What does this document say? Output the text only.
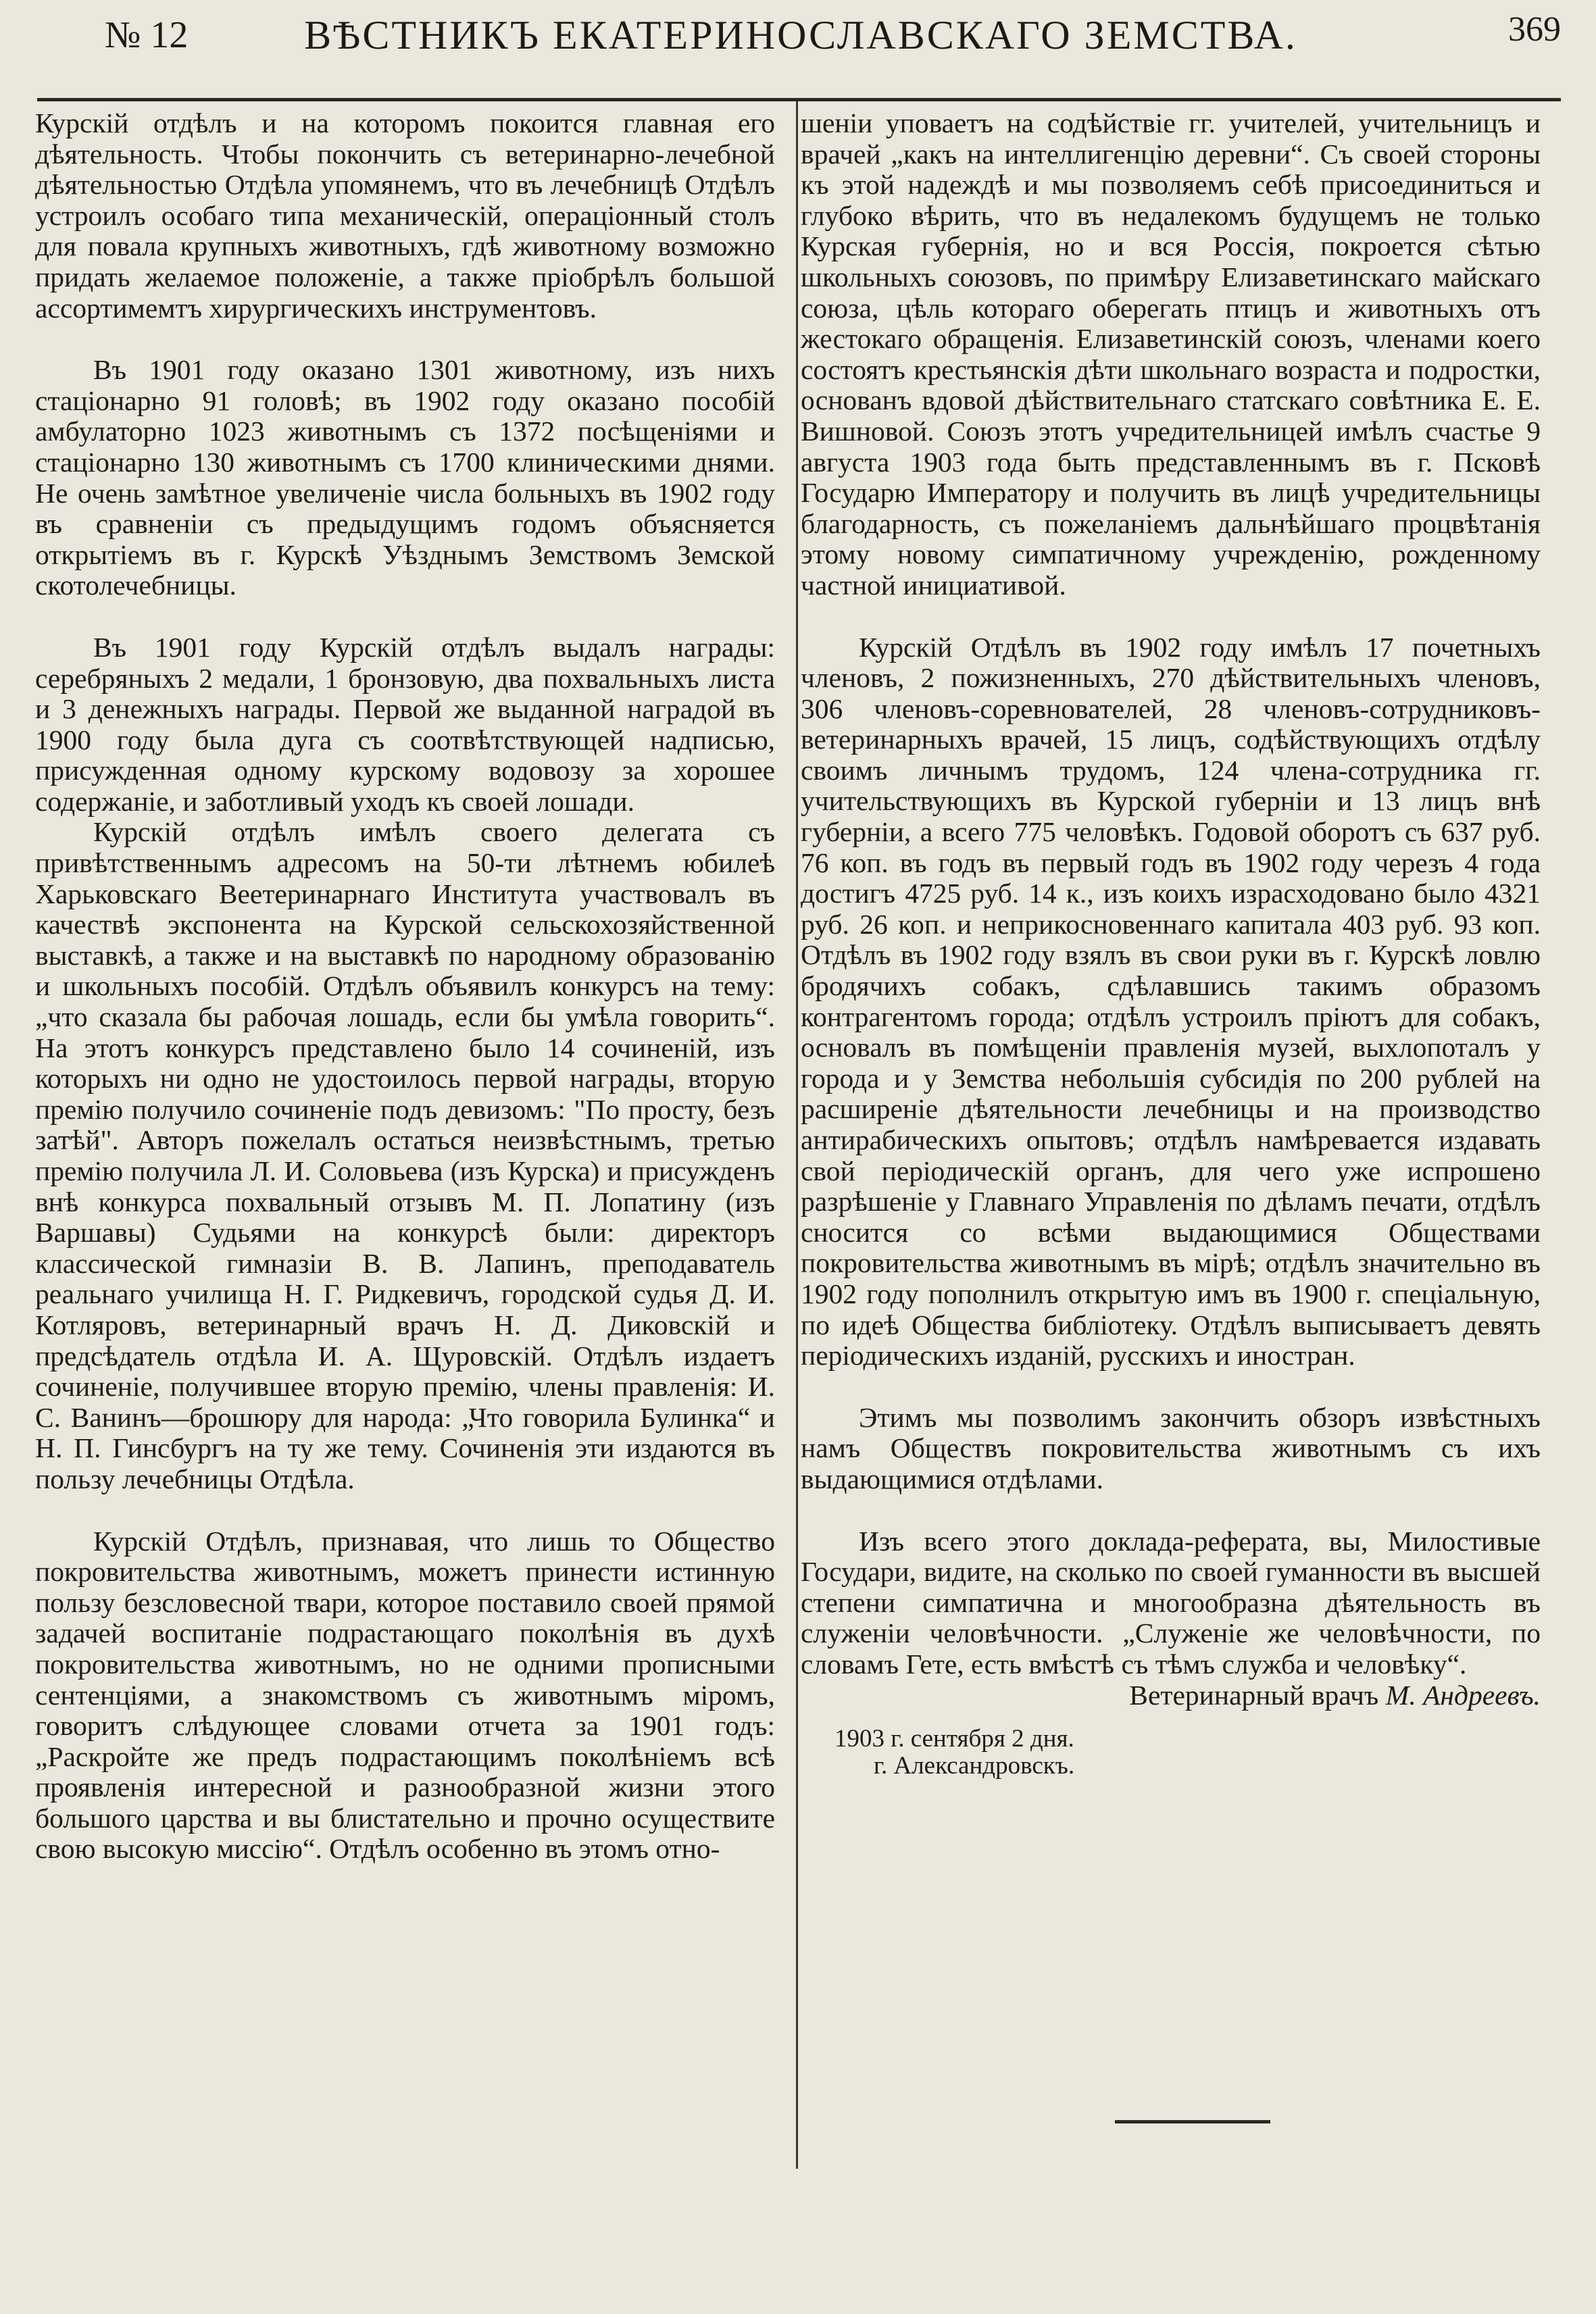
№ 12	ВѢСТНИКЪ ЕКАТЕРИНОСЛАВСКАГО ЗЕМСТВА.	369

Курскій отдѣлъ и на которомъ покоится главная его дѣятельность. Чтобы покончить съ ветеринарно-лечебной дѣятельностью Отдѣла упомянемъ, что въ лечебницѣ Отдѣлъ устроилъ особаго типа механическій, операціонный столъ для повала крупныхъ животныхъ, гдѣ животному возможно придать желаемое положеніе, а также пріобрѣлъ большой ассортимемтъ хирургическихъ инструментовъ.

Въ 1901 году оказано 1301 животному, изъ нихъ стаціонарно 91 головѣ; въ 1902 году оказано пособій амбулаторно 1023 животнымъ съ 1372 посѣщеніями и стаціонарно 130 животнымъ съ 1700 клиническими днями. Не очень замѣтное увеличеніе числа больныхъ въ 1902 году въ сравненіи съ предыдущимъ годомъ объясняется открытіемъ въ г. Курскѣ Уѣзднымъ Земствомъ Земской скотолечебницы.

Въ 1901 году Курскій отдѣлъ выдалъ награды: серебряныхъ 2 медали, 1 бронзовую, два похвальныхъ листа и 3 денежныхъ награды. Первой же выданной наградой въ 1900 году была дуга съ соотвѣтствующей надписью, присужденная одному курскому водовозу за хорошее содержаніе, и заботливый уходъ къ своей лошади.

Курскій отдѣлъ имѣлъ своего делегата съ привѣтственнымъ адресомъ на 50-ти лѣтнемъ юбилеѣ Харьковскаго Веетеринарнаго Института участвовалъ въ качествѣ экспонента на Курской сельскохозяйственной выставкѣ, а также и на выставкѣ по народному образованію и школьныхъ пособій. Отдѣлъ объявилъ конкурсъ на тему: „что сказала бы рабочая лошадь, если бы умѣла говорить“. На этотъ конкурсъ представлено было 14 сочиненій, изъ которыхъ ни одно не удостоилось первой награды, вторую премію получило сочиненіе подъ девизомъ: "По просту, безъ затѣй". Авторъ пожелалъ остаться неизвѣстнымъ, третью премію получила Л. И. Соловьева (изъ Курска) и присужденъ внѣ конкурса похвальный отзывъ М. П. Лопатину (изъ Варшавы) Судьями на конкурсѣ были: директоръ классической гимназіи В. В. Лапинъ, преподаватель реальнаго училища Н. Г. Ридкевичъ, городской судья Д. И. Котляровъ, ветеринарный врачъ Н. Д. Диковскій и предсѣдатель отдѣла И. А. Щуровскій. Отдѣлъ издаетъ сочиненіе, получившее вторую премію, члены правленія: И. С. Ванинъ—брошюру для народа: „Что говорила Булинка“ и Н. П. Гинсбургъ на ту же тему. Сочиненія эти издаются въ пользу лечебницы Отдѣла.

Курскій Отдѣлъ, признавая, что лишь то Общество покровительства животнымъ, можетъ принести истинную пользу безсловесной твари, которое поставило своей прямой задачей воспитаніе подрастающаго поколѣнія въ духѣ покровительства животнымъ, но не одними прописными сентенціями, а знакомствомъ съ животнымъ міромъ, говоритъ слѣдующее словами отчета за 1901 годъ: „Раскройте же предъ подрастающимъ поколѣніемъ всѣ проявленія интересной и разнообразной жизни этого большого царства и вы блистательно и прочно осуществите свою высокую миссію“. Отдѣлъ особенно въ этомъ отно-

шеніи уповаетъ на содѣйствіе гг. учителей, учительницъ и врачей „какъ на интеллигенцію деревни“. Съ своей стороны къ этой надеждѣ и мы позволяемъ себѣ присоединиться и глубоко вѣрить, что въ недалекомъ будущемъ не только Курская губернія, но и вся Россія, покроется сѣтью школьныхъ союзовъ, по примѣру Елизаветинскаго майскаго союза, цѣль котораго оберегать птицъ и животныхъ отъ жестокаго обращенія. Елизаветинскій союзъ, членами коего состоятъ крестьянскія дѣти школьнаго возраста и подростки, основанъ вдовой дѣйствительнаго статскаго совѣтника Е. Е. Вишновой. Союзъ этотъ учредительницей имѣлъ счастье 9 августа 1903 года быть представленнымъ въ г. Псковѣ Государю Императору и получить въ лицѣ учредительницы благодарность, съ пожеланіемъ дальнѣйшаго процвѣтанія этому новому симпатичному учрежденію, рожденному частной инициативой.

Курскій Отдѣлъ въ 1902 году имѣлъ 17 почетныхъ членовъ, 2 пожизненныхъ, 270 дѣйствительныхъ членовъ, 306 членовъ-соревнователей, 28 членовъ-сотрудниковъ-ветеринарныхъ врачей, 15 лицъ, содѣйствующихъ отдѣлу своимъ личнымъ трудомъ, 124 члена-сотрудника гг. учительствующихъ въ Курской губерніи и 13 лицъ внѣ губерніи, а всего 775 человѣкъ. Годовой оборотъ съ 637 руб. 76 коп. въ годъ въ первый годъ въ 1902 году черезъ 4 года достигъ 4725 руб. 14 к., изъ коихъ израсходовано было 4321 руб. 26 коп. и неприкосновеннаго капитала 403 руб. 93 коп. Отдѣлъ въ 1902 году взялъ въ свои руки въ г. Курскѣ ловлю бродячихъ собакъ, сдѣлавшись такимъ образомъ контрагентомъ города; отдѣлъ устроилъ пріютъ для собакъ, основалъ въ помѣщеніи правленія музей, выхлопоталъ у города и у Земства небольшія субсидія по 200 рублей на расширеніе дѣятельности лечебницы и на производство антирабическихъ опытовъ; отдѣлъ намѣревается издавать свой періодическій органъ, для чего уже испрошено разрѣшеніе у Главнаго Управленія по дѣламъ печати, отдѣлъ сносится со всѣми выдающимися Обществами покровительства животнымъ въ мірѣ; отдѣлъ значительно въ 1902 году пополнилъ открытую имъ въ 1900 г. спеціальную, по идеѣ Общества библіотеку. Отдѣлъ выписываетъ девять періодическихъ изданій, русскихъ и иностран.

Этимъ мы позволимъ закончить обзоръ извѣстныхъ намъ Обществъ покровительства животнымъ съ ихъ выдающимися отдѣлами.

Изъ всего этого доклада-реферата, вы, Милостивые Государи, видите, на сколько по своей гуманности въ высшей степени симпатична и многообразна дѣятельность въ служеніи человѣчности. „Служеніе же человѣчности, по словамъ Гете, есть вмѣстѣ съ тѣмъ служба и человѣку“.

Ветеринарный врачъ М. Андреевъ.

1903 г. сентября 2 дня.
г. Александровскъ.
